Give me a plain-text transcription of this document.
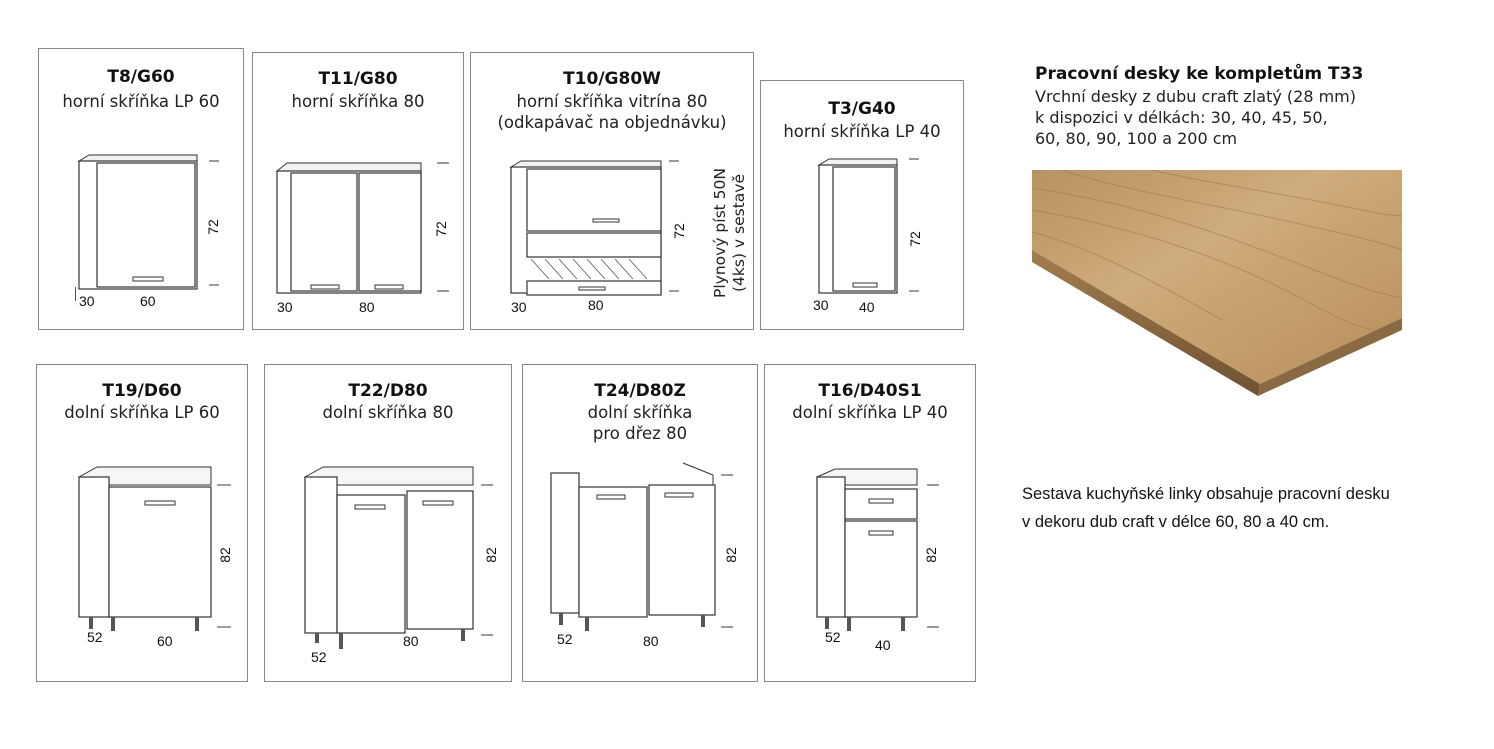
T8/G60
horní skříňka LP 60
72
30	60
T11/G80
horní skříňka 80
72
30	80
T10/G80W
horní skříňka vitrína 80
(odkapávač na objednávku)
72
30	80
Plynový píst 50N (4ks) v sestavě
T3/G40
horní skříňka LP 40
72
30 40
Pracovní desky ke kompletům T33
Vrchní desky z dubu craft zlatý (28 mm)
k dispozici v délkách: 30, 40, 45, 50,
60, 80, 90, 100 a 200 cm
Sestava kuchyňské linky obsahuje pracovní desku
v dekoru dub craft v délce 60, 80 a 40 cm.
T19/D60
dolní skříňka LP 60
82
52	60
T22/D80
dolní skříňka 80
82
52
80
T24/D80Z
dolní skříňka
pro dřez 80
82
52	80
T16/D40S1
dolní skříňka LP 40
82
52 40
